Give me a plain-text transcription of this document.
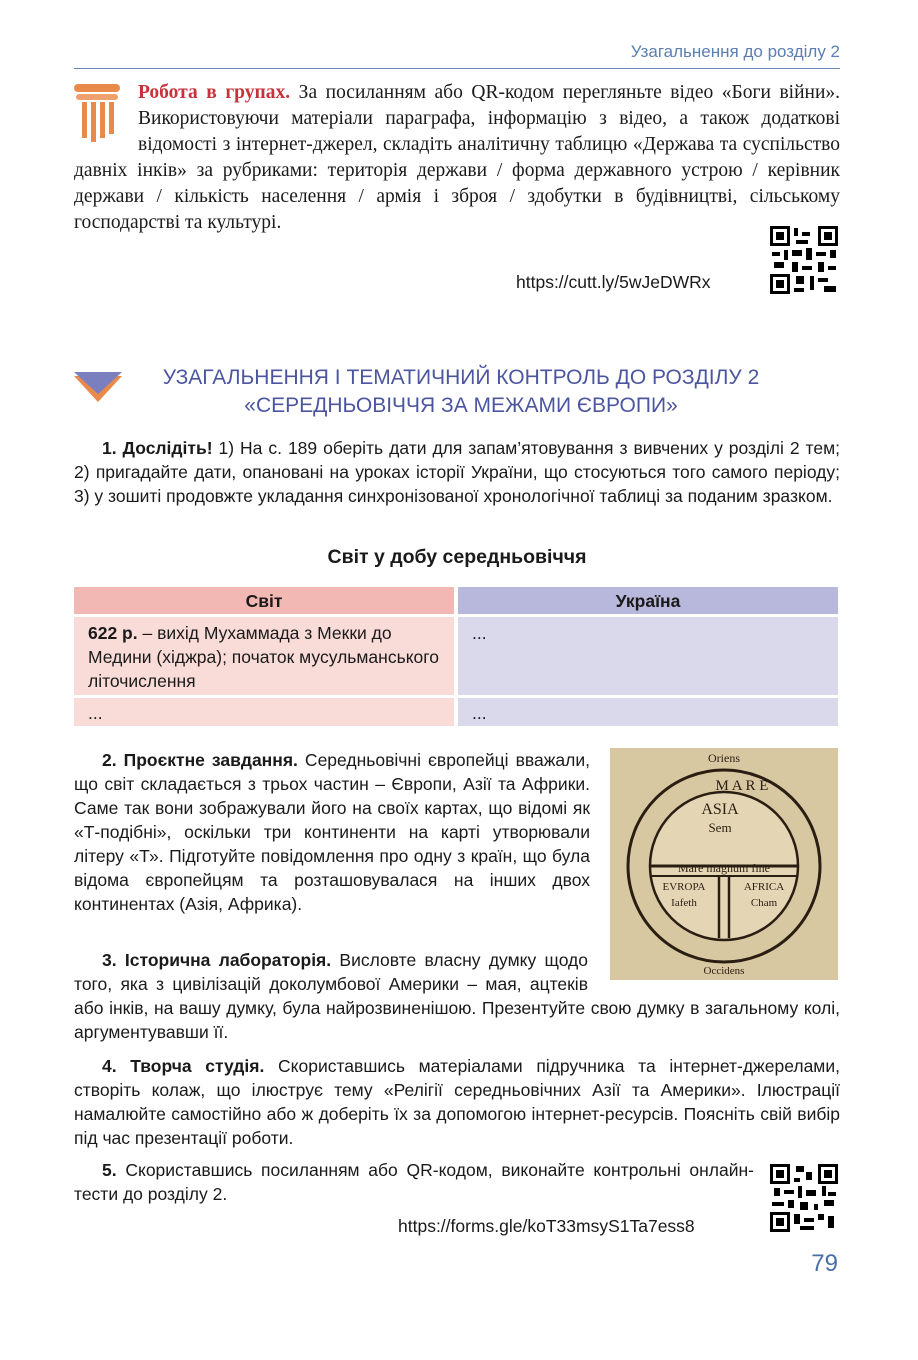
Узагальнення до розділу 2
Робота в групах. За посиланням або QR-кодом перегляньте відео «Боги війни». Використовуючи матеріали параграфа, інформацію з відео, а також додаткові відомості з інтернет-джерел, складіть аналітичну таблицю «Держава та суспільство давніх інків» за рубриками: територія держави / форма державного устрою / керівник держави / кількість населення / армія і зброя / здобутки в будівництві, сільському господарстві та культурі.
https://cutt.ly/5wJeDWRx
УЗАГАЛЬНЕННЯ І ТЕМАТИЧНИЙ КОНТРОЛЬ ДО РОЗДІЛУ 2
«СЕРЕДНЬОВІЧЧЯ ЗА МЕЖАМИ ЄВРОПИ»
1. Дослідіть! 1) На с. 189 оберіть дати для запам’ятовування з вивчених у розділі 2 тем; 2) пригадайте дати, опановані на уроках історії України, що стосуються того самого періоду; 3) у зошиті продовжте укладання синхронізованої хронологічної таблиці за поданим зразком.
Світ у добу середньовіччя
Світ	Україна
622 р. – вихід Мухаммада з Мекки до Медини (хіджра); початок мусульманського літочислення
...
...	...
Oriens
M A R E
ASIA
Sem
Mare magnum fine
EVROPA
Iafeth
AFRICA
Cham
Occidens
2. Проєктне завдання. Середньовічні європейці вважали, що світ складається з трьох частин – Європи, Азії та Африки. Саме так вони зображували його на своїх картах, що відомі як «Т-подібні», оскільки три континенти на карті утворювали літеру «Т». Підготуйте повідомлення про одну з країн, що була відома європейцям та розташовувалася на інших двох континентах (Азія, Африка).
3. Історична лабораторія. Висловте власну думку щодо того, яка з цивілізацій доколумбової Америки – мая, ацтеків або інків, на вашу думку, була найрозвиненішою. Презентуйте свою думку в загальному колі, аргументувавши її.
4. Творча студія. Скориставшись матеріалами підручника та інтернет-джерелами, створіть колаж, що ілюструє тему «Релігії середньовічних Азії та Америки». Ілюстрації намалюйте самостійно або ж доберіть їх за допомогою інтернет-ресурсів. Поясніть свій вибір під час презентації роботи.
5. Скориставшись посиланням або QR-кодом, виконайте контрольні онлайн-тести до розділу 2.
https://forms.gle/koT33msyS1Ta7ess8
79
